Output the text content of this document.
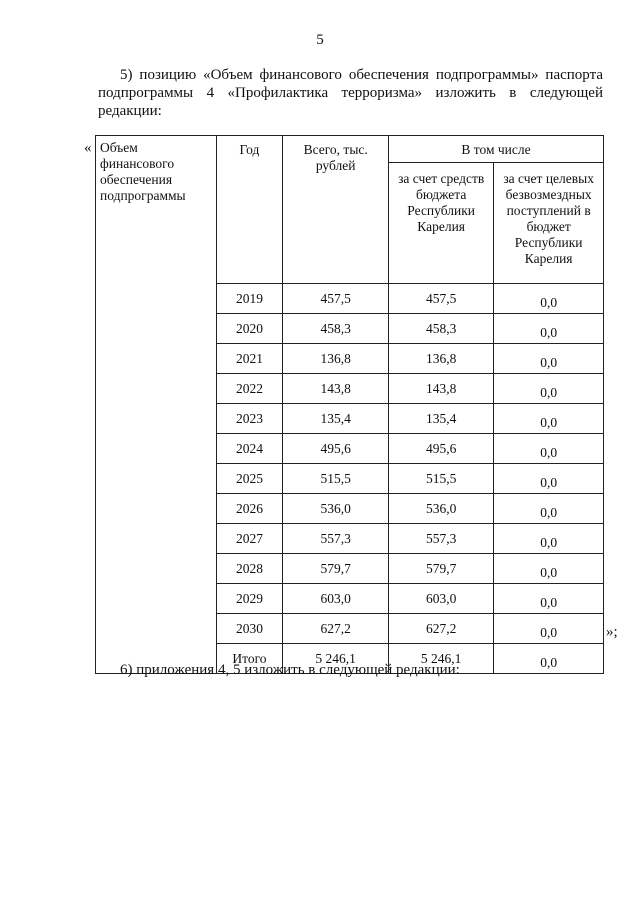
5
5) позицию «Объем финансового обеспечения подпрограммы» паспорта подпрограммы 4 «Профилактика терроризма» изложить в следующей редакции:
« Объем финансового обеспечения подпрограммы	Год	Всего, тыс. рублей	В том числе	
			за счет средств бюджета Республики Карелия	за счет целевых безвозмездных поступлений в бюджет Республики Карелия
	2019	457,5	457,5	0,0
	2020	458,3	458,3	0,0
	2021	136,8	136,8	0,0
	2022	143,8	143,8	0,0
	2023	135,4	135,4	0,0
	2024	495,6	495,6	0,0
	2025	515,5	515,5	0,0
	2026	536,0	536,0	0,0
	2027	557,3	557,3	0,0
	2028	579,7	579,7	0,0
	2029	603,0	603,0	0,0
	2030	627,2	627,2	0,0
	Итого	5 246,1	5 246,1	0,0
»;
6) приложения 4, 5 изложить в следующей редакции:
